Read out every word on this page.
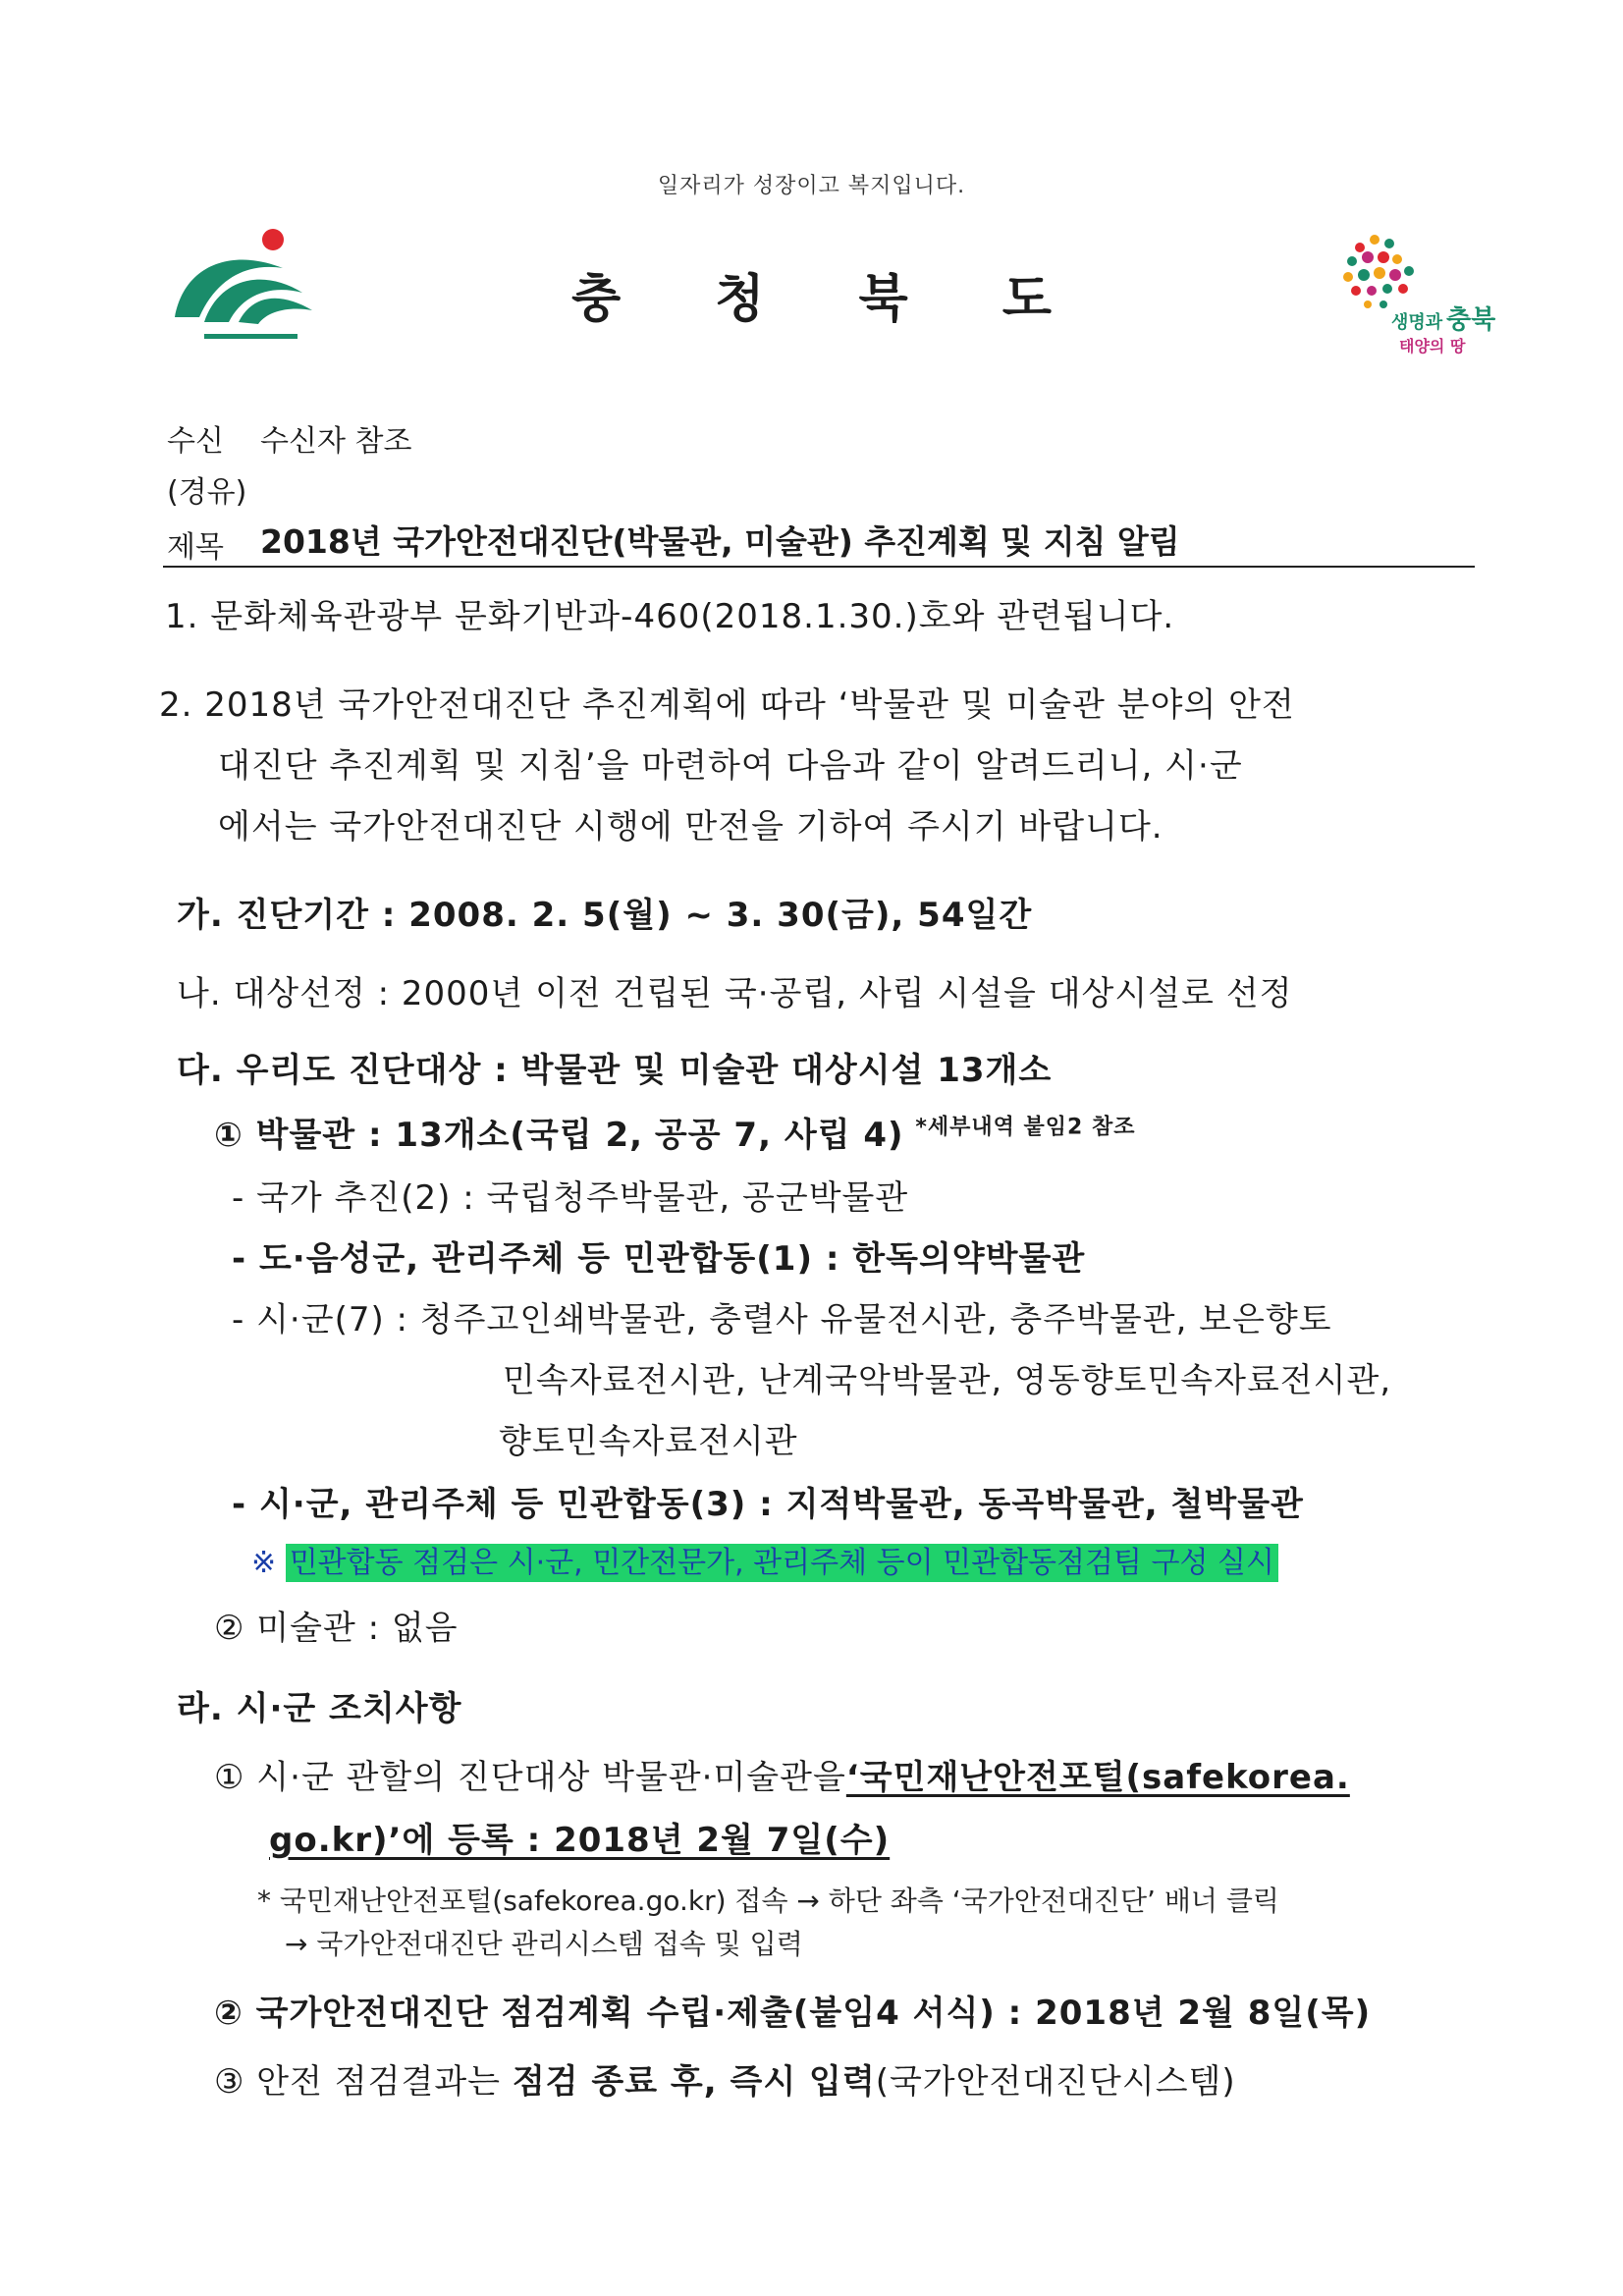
일자리가 성장이고 복지입니다.
충 청 북 도	생명과 충북
태양의 땅
수신 수신자 참조
(경유)
제목 2018년 국가안전대진단(박물관, 미술관) 추진계획 및 지침 알림
1. 문화체육관광부 문화기반과-460(2018.1.30.)호와 관련됩니다.
2. 2018년 국가안전대진단 추진계획에 따라 ‘박물관 및 미술관 분야의 안전
대진단 추진계획 및 지침’을 마련하여 다음과 같이 알려드리니, 시·군
에서는 국가안전대진단 시행에 만전을 기하여 주시기 바랍니다.
가. 진단기간 : 2008. 2. 5(월) ~ 3. 30(금), 54일간
나. 대상선정 : 2000년 이전 건립된 국·공립, 사립 시설을 대상시설로 선정
다. 우리도 진단대상 : 박물관 및 미술관 대상시설 13개소
① 박물관 : 13개소(국립 2, 공공 7, 사립 4) $^{*세부내역 붙임2 참조}$
- 국가 추진(2) : 국립청주박물관, 공군박물관
- 도·음성군, 관리주체 등 민관합동(1) : 한독의약박물관
- 시·군(7) : 청주고인쇄박물관, 충렬사 유물전시관, 충주박물관, 보은향토
민속자료전시관, 난계국악박물관, 영동향토민속자료전시관,
향토민속자료전시관
- 시·군, 관리주체 등 민관합동(3) : 지적박물관, 동곡박물관, 철박물관
※ 민관합동 점검은 시·군, 민간전문가, 관리주체 등이 민관합동점검팀 구성 실시
② 미술관 : 없음
라. 시·군 조치사항
① 시·군 관할의 진단대상 박물관·미술관을‘국민재난안전포털(safekorea.
go.kr)’에 등록 : 2018년 2월 7일(수)
* 국민재난안전포털(safekorea.go.kr) 접속 → 하단 좌측 ‘국가안전대진단’ 배너 클릭
→ 국가안전대진단 관리시스템 접속 및 입력
② 국가안전대진단 점검계획 수립·제출(붙임4 서식) : 2018년 2월 8일(목)
③ 안전 점검결과는 점검 종료 후, 즉시 입력(국가안전대진단시스템)
